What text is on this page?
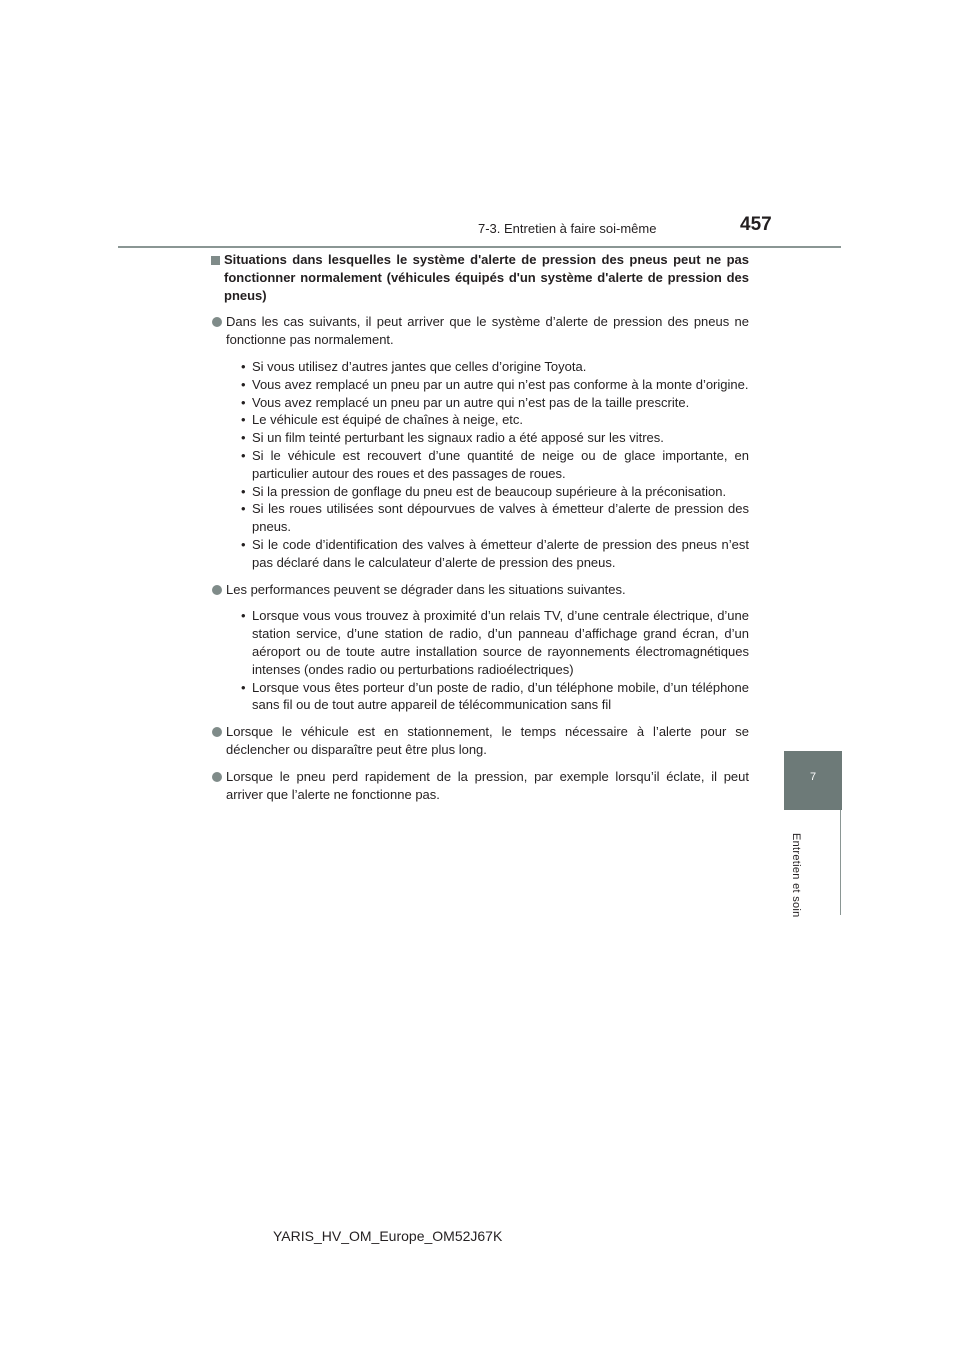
7-3. Entretien à faire soi-même	457
7
Entretien et soin
Situations dans lesquelles le système d'alerte de pression des pneus peut ne pas fonctionner normalement (véhicules équipés d'un système d'alerte de pression des pneus)
Dans les cas suivants, il peut arriver que le système d’alerte de pression des pneus ne fonctionne pas normalement.
• Si vous utilisez d’autres jantes que celles d’origine Toyota.
• Vous avez remplacé un pneu par un autre qui n’est pas conforme à la monte d’origine.
• Vous avez remplacé un pneu par un autre qui n’est pas de la taille prescrite.
• Le véhicule est équipé de chaînes à neige, etc.
• Si un film teinté perturbant les signaux radio a été apposé sur les vitres.
• Si le véhicule est recouvert d’une quantité de neige ou de glace importante, en particulier autour des roues et des passages de roues.
• Si la pression de gonflage du pneu est de beaucoup supérieure à la préconisation.
• Si les roues utilisées sont dépourvues de valves à émetteur d’alerte de pression des pneus.
• Si le code d’identification des valves à émetteur d’alerte de pression des pneus n’est pas déclaré dans le calculateur d’alerte de pression des pneus.
Les performances peuvent se dégrader dans les situations suivantes.
• Lorsque vous vous trouvez à proximité d’un relais TV, d’une centrale électrique, d’une station service, d’une station de radio, d’un panneau d’affichage grand écran, d’un aéroport ou de toute autre installation source de rayonnements électromagnétiques intenses (ondes radio ou perturbations radioélectriques)
• Lorsque vous êtes porteur d’un poste de radio, d’un téléphone mobile, d’un téléphone sans fil ou de tout autre appareil de télécommunication sans fil
Lorsque le véhicule est en stationnement, le temps nécessaire à l’alerte pour se déclencher ou disparaître peut être plus long.
Lorsque le pneu perd rapidement de la pression, par exemple lorsqu’il éclate, il peut arriver que l’alerte ne fonctionne pas.
YARIS_HV_OM_Europe_OM52J67K
